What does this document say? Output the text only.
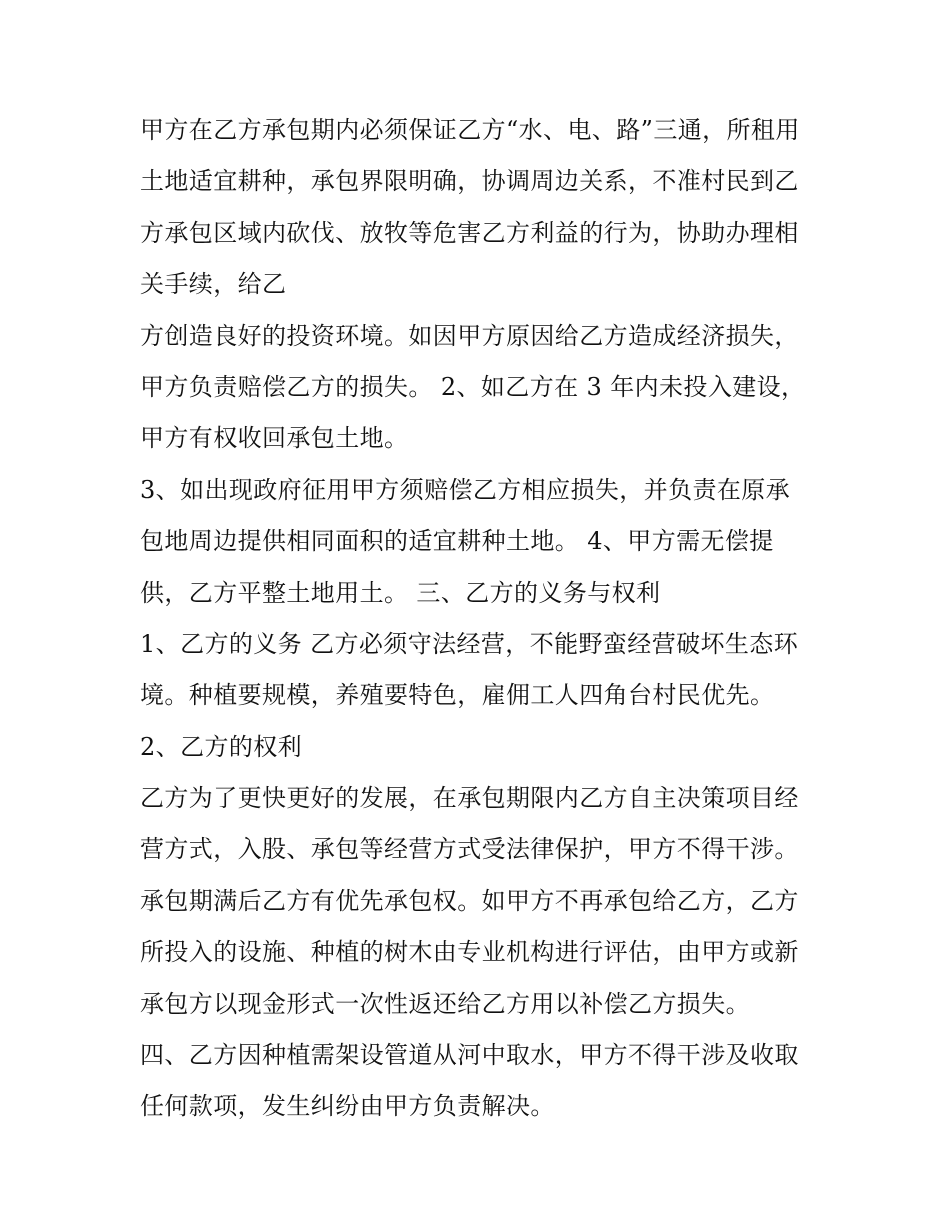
甲方在乙方承包期内必须保证乙方“水、电、路”三通，所租用
土地适宜耕种，承包界限明确，协调周边关系，不准村民到乙
方承包区域内砍伐、放牧等危害乙方利益的行为，协助办理相
关手续，给乙
方创造良好的投资环境。如因甲方原因给乙方造成经济损失，
甲方负责赔偿乙方的损失。 2、如乙方在 3 年内未投入建设，
甲方有权收回承包土地。
3、如出现政府征用甲方须赔偿乙方相应损失，并负责在原承
包地周边提供相同面积的适宜耕种土地。 4、甲方需无偿提
供，乙方平整土地用土。 三、乙方的义务与权利
1、乙方的义务 乙方必须守法经营，不能野蛮经营破坏生态环
境。种植要规模，养殖要特色，雇佣工人四角台村民优先。
2、乙方的权利
乙方为了更快更好的发展，在承包期限内乙方自主决策项目经
营方式，入股、承包等经营方式受法律保护，甲方不得干涉。
承包期满后乙方有优先承包权。如甲方不再承包给乙方，乙方
所投入的设施、种植的树木由专业机构进行评估，由甲方或新
承包方以现金形式一次性返还给乙方用以补偿乙方损失。
四、乙方因种植需架设管道从河中取水，甲方不得干涉及收取
任何款项，发生纠纷由甲方负责解决。
